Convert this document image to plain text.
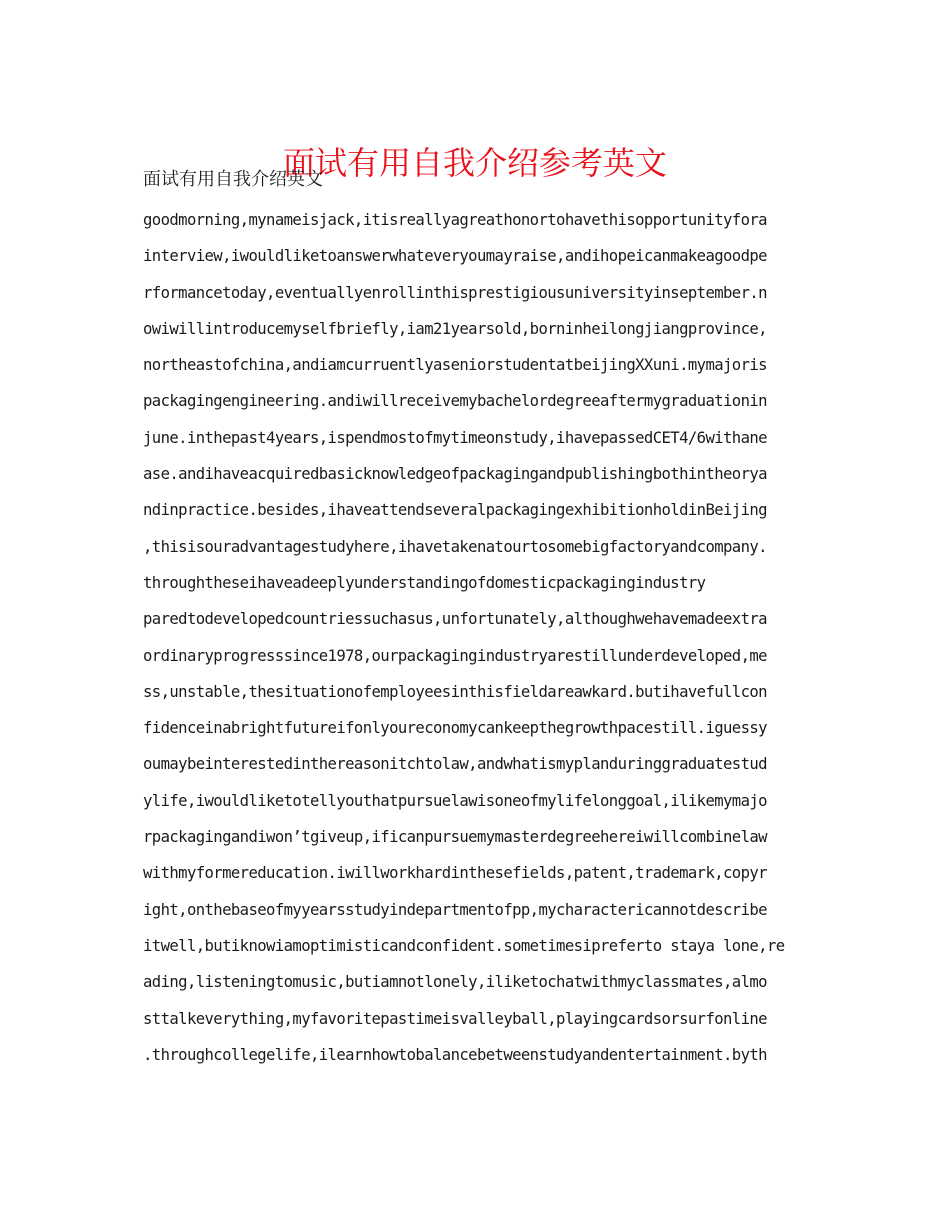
面试有用自我介绍参考英文
面试有用自我介绍英文
goodmorning,mynameisjack,itisreallyagreathonortohavethisopportunityfora
interview,iwouldliketoanswerwhateveryoumayraise,andihopeicanmakeagoodpe
rformancetoday,eventuallyenrollinthisprestigiousuniversityinseptember.n
owiwillintroducemyselfbriefly,iam21yearsold,borninheilongjiangprovince,
northeastofchina,andiamcurruentlyaseniorstudentatbeijingXXuni.mymajoris
packagingengineering.andiwillreceivemybachelordegreeaftermygraduationin
june.inthepast4years,ispendmostofmytimeonstudy,ihavepassedCET4/6withane
ase.andihaveacquiredbasicknowledgeofpackagingandpublishingbothintheorya
ndinpractice.besides,ihaveattendseveralpackagingexhibitionholdinBeijing
,thisisouradvantagestudyhere,ihavetakenatourtosomebigfactoryandcompany.
throughtheseihaveadeeplyunderstandingofdomesticpackagingindustry
paredtodevelopedcountriessuchasus,unfortunately,althoughwehavemadeextra
ordinaryprogresssince1978,ourpackagingindustryarestillunderdeveloped,me
ss,unstable,thesituationofemployeesinthisfieldareawkard.butihavefullcon
fidenceinabrightfutureifonlyoureconomycankeepthegrowthpacestill.iguessy
oumaybeinterestedinthereasonitchtolaw,andwhatismyplanduringgraduatestud
ylife,iwouldliketotellyouthatpursuelawisoneofmylifelonggoal,ilikemymajo
rpackagingandiwon’tgiveup,ificanpursuemymasterdegreehereiwillcombinelaw
withmyformereducation.iwillworkhardinthesefields,patent,trademark,copyr
ight,onthebaseofmyyearsstudyindepartmentofpp,mycharactericannotdescribe
itwell,butiknowiamoptimisticandconfident.sometimesipreferto staya lone,re
ading,listeningtomusic,butiamnotlonely,iliketochatwithmyclassmates,almo
sttalkeverything,myfavoritepastimeisvalleyball,playingcardsorsurfonline
.throughcollegelife,ilearnhowtobalancebetweenstudyandentertainment.byth
